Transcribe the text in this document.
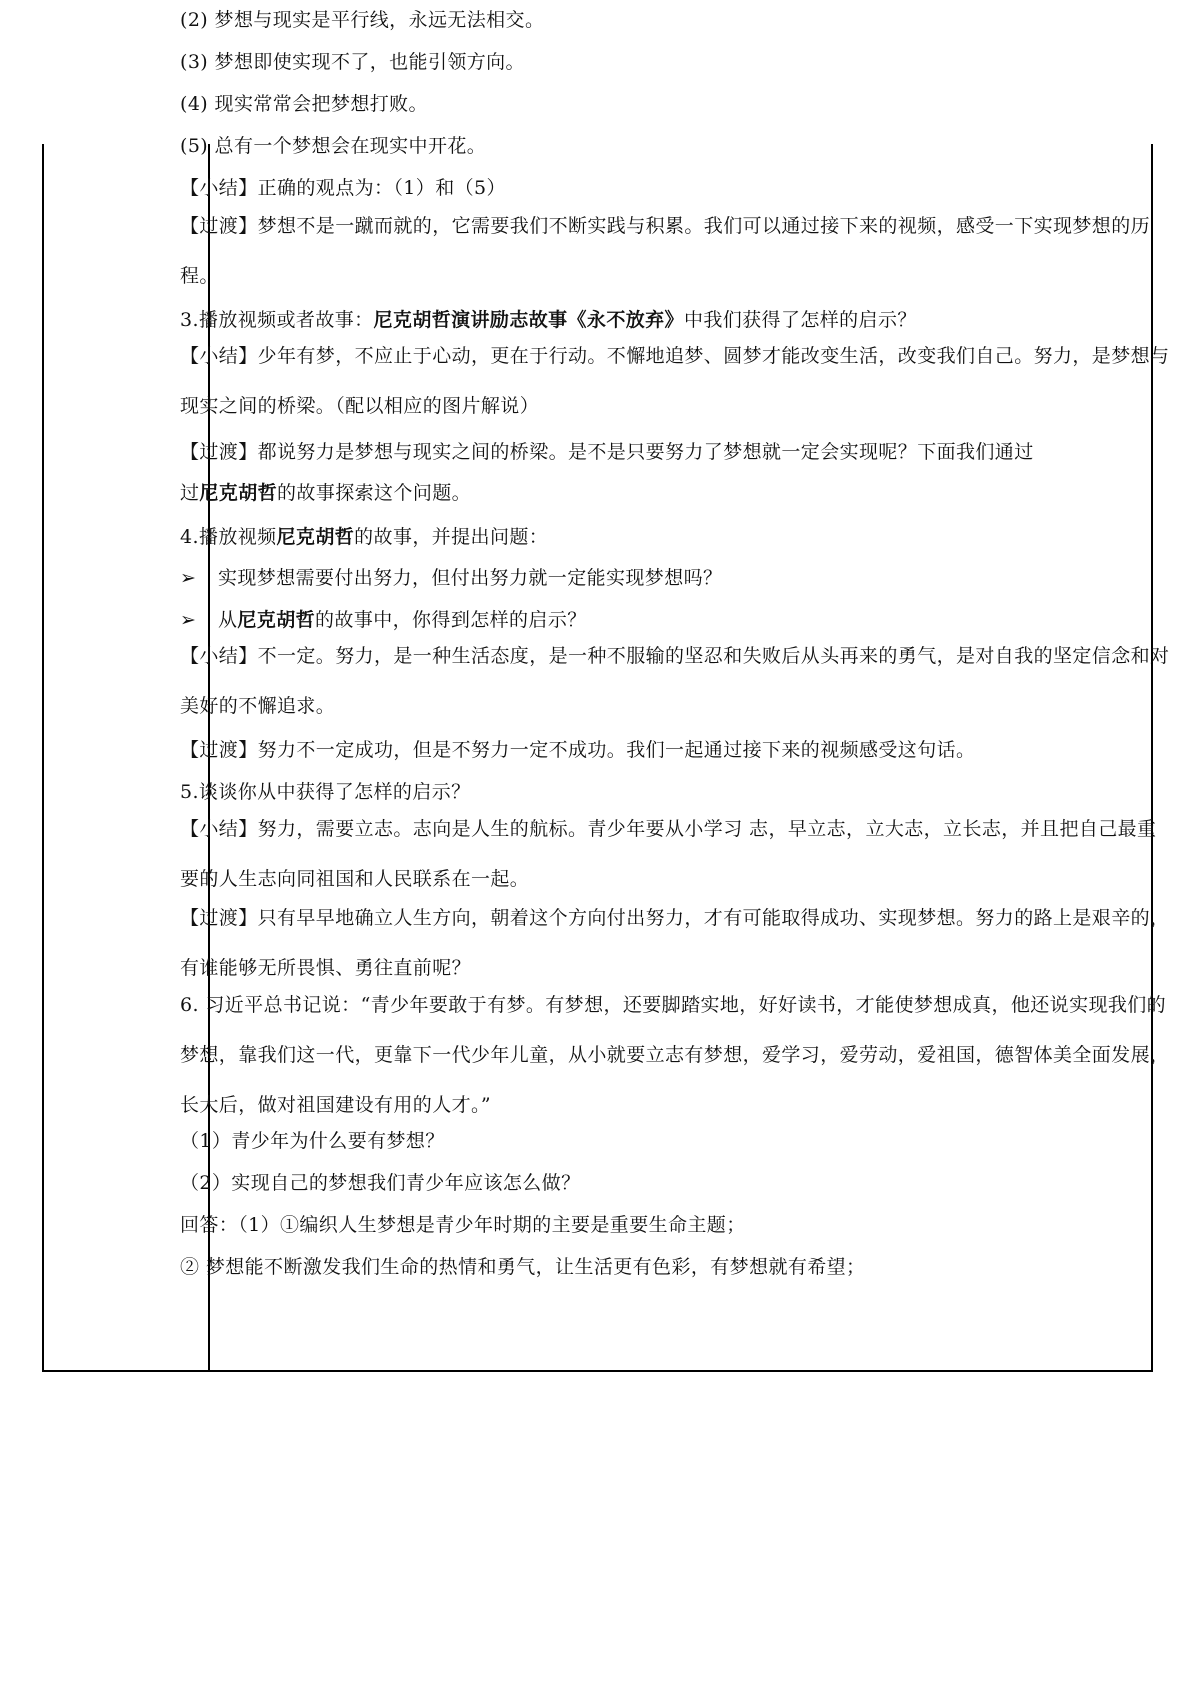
(2) 梦想与现实是平行线，永远无法相交。
(3) 梦想即使实现不了，也能引领方向。
(4) 现实常常会把梦想打败。
(5) 总有一个梦想会在现实中开花。
【小结】正确的观点为：（1）和（5）
【过渡】梦想不是一蹴而就的，它需要我们不断实践与积累。我们可以通过接下来的视频，感受一下实现梦想的历程。
3.播放视频或者故事：尼克胡哲演讲励志故事《永不放弃》中我们获得了怎样的启示？
【小结】少年有梦，不应止于心动，更在于行动。不懈地追梦、圆梦才能改变生活，改变我们自己。努力，是梦想与现实之间的桥梁。（配以相应的图片解说）
【过渡】都说努力是梦想与现实之间的桥梁。是不是只要努力了梦想就一定会实现呢？下面我们通过
过尼克胡哲的故事探索这个问题。
4.播放视频尼克胡哲的故事，并提出问题：
➢ 实现梦想需要付出努力，但付出努力就一定能实现梦想吗？
➢ 从尼克胡哲的故事中，你得到怎样的启示？
【小结】不一定。努力，是一种生活态度，是一种不服输的坚忍和失败后从头再来的勇气，是对自我的坚定信念和对美好的不懈追求。
【过渡】努力不一定成功，但是不努力一定不成功。我们一起通过接下来的视频感受这句话。
5.谈谈你从中获得了怎样的启示？
【小结】努力，需要立志。志向是人生的航标。青少年要从小学习 志，早立志，立大志，立长志，并且把自己最重要的人生志向同祖国和人民联系在一起。
【过渡】只有早早地确立人生方向，朝着这个方向付出努力，才有可能取得成功、实现梦想。努力的路上是艰辛的，有谁能够无所畏惧、勇往直前呢？
6. 习近平总书记说：“青少年要敢于有梦。有梦想，还要脚踏实地，好好读书，才能使梦想成真，他还说实现我们的梦想，靠我们这一代，更靠下一代少年儿童，从小就要立志有梦想，爱学习，爱劳动，爱祖国，德智体美全面发展，长大后，做对祖国建设有用的人才。”
（1）青少年为什么要有梦想？
（2）实现自己的梦想我们青少年应该怎么做？
回答：（1）①编织人生梦想是青少年时期的主要是重要生命主题；
② 梦想能不断激发我们生命的热情和勇气，让生活更有色彩，有梦想就有希望；
